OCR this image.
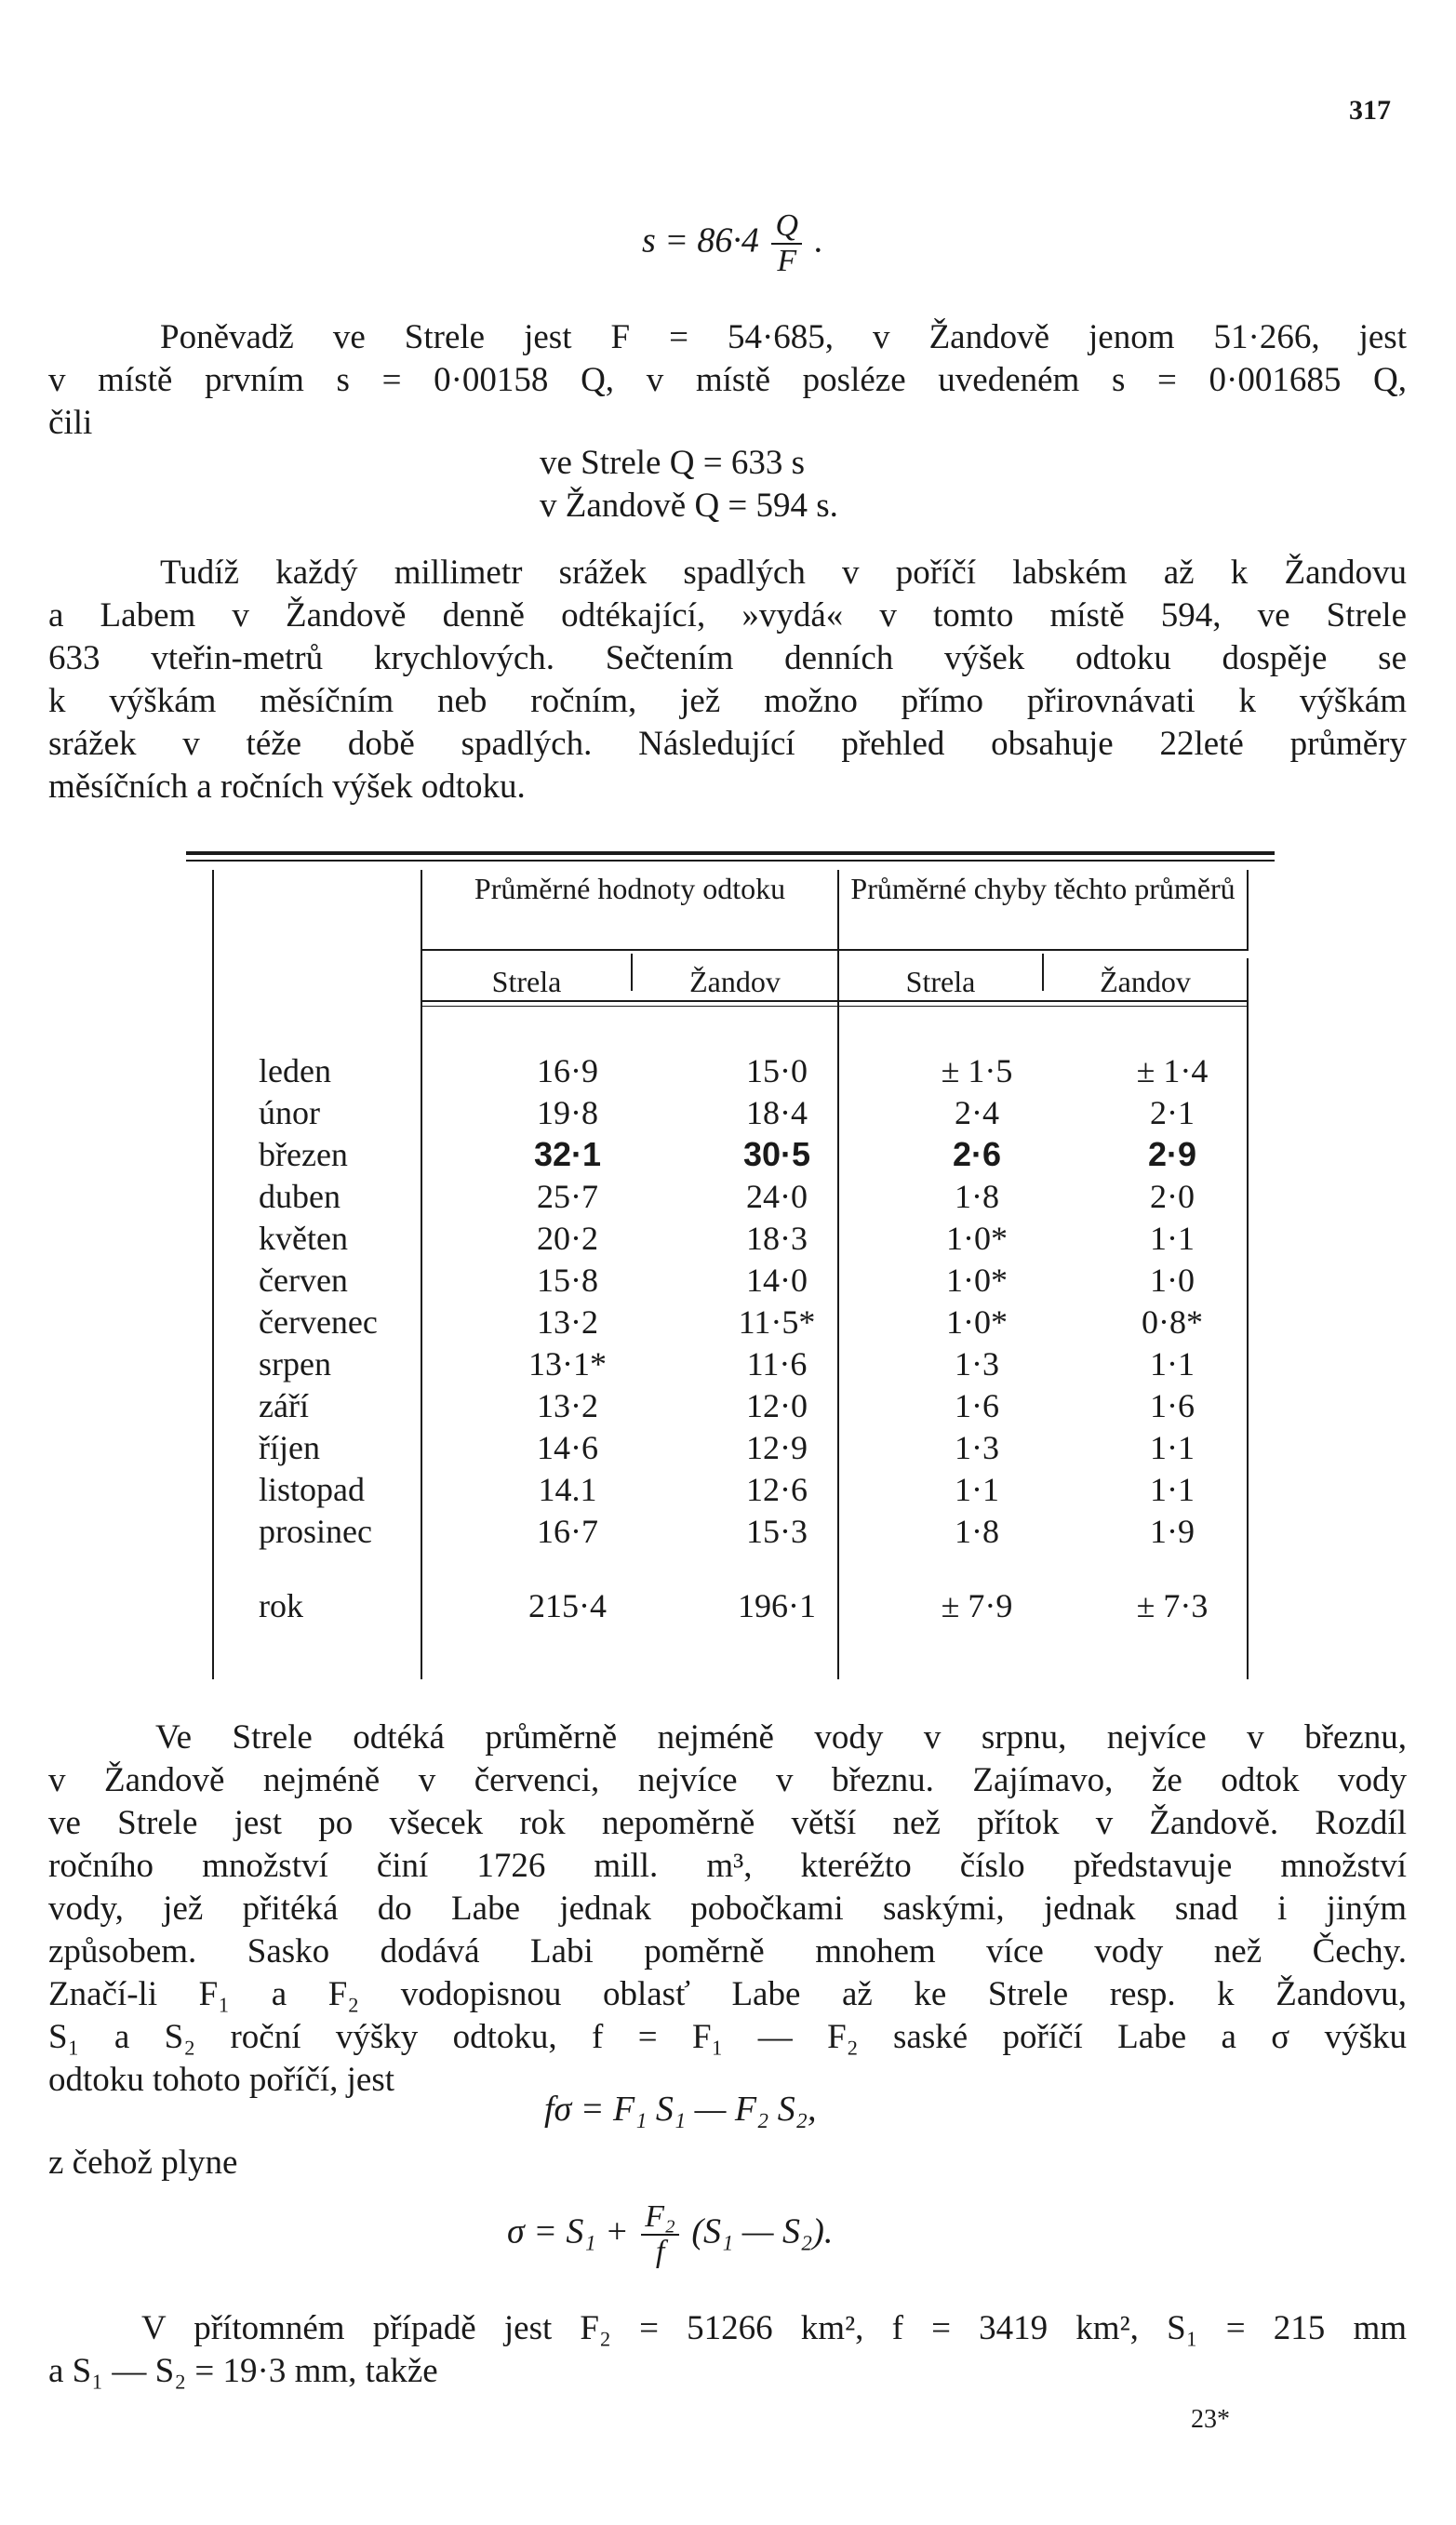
317
$s = 86\cdot 4 \frac{Q}{F}$ .
Poněvadž ve Strele jest F = 54·685, v Žandově jenom 51·266, jest
v místě prvním s = 0·00158 Q, v místě posléze uvedeném s = 0·001685 Q,
čili
ve Strele Q = 633 s
v Žandově Q = 594 s.
Tudíž každý millimetr srážek spadlých v poříčí labském až k Žandovu
a Labem v Žandově denně odtékající, »vydá« v tomto místě 594, ve Strele
633 vteřin-metrů krychlových. Sečtením denních výšek odtoku dospěje se
k výškám měsíčním neb ročním, jež možno přímo přirovnávati k výškám
srážek v téže době spadlých. Následující přehled obsahuje 22leté průměry
měsíčních a ročních výšek odtoku.
Průměrné hodnoty odtoku	Průměrné chyby těchto průměrů
Strela	Žandov	Strela	Žandov
leden	16·9	15·0	± 1·5	± 1·4
únor	19·8	18·4	2·4	2·1
březen	32·1	30·5	2·6	2·9
duben	25·7	24·0	1·8	2·0
květen	20·2	18·3	1·0*	1·1
červen	15·8	14·0	1·0*	1·0
červenec	13·2	11·5*	1·0*	0·8*
srpen	13·1*	11·6	1·3	1·1
září	13·2	12·0	1·6	1·6
říjen	14·6	12·9	1·3	1·1
listopad	14.1	12·6	1·1	1·1
prosinec	16·7	15·3	1·8	1·9
rok	215·4	196·1	± 7·9	± 7·3
Ve Strele odtéká průměrně nejméně vody v srpnu, nejvíce v březnu,
v Žandově nejméně v červenci, nejvíce v březnu. Zajímavo, že odtok vody
ve Strele jest po všecek rok nepoměrně větší než přítok v Žandově. Rozdíl
ročního množství činí 1726 mill. m³, kteréžto číslo představuje množství
vody, jež přitéká do Labe jednak pobočkami saskými, jednak snad i jiným
způsobem. Sasko dodává Labi poměrně mnohem více vody než Čechy.
Značí-li F₁ a F₂ vodopisnou oblasť Labe až ke Strele resp. k Žandovu,
S₁ a S₂ roční výšky odtoku, f = F₁ — F₂ saské poříčí Labe a σ výšku
odtoku tohoto poříčí, jest
fσ = F₁ S₁ — F₂ S₂,
z čehož plyne
$\sigma = S_1 + \frac{\text{F₂}}{f} (S_1$ — S₂).
V přítomném případě jest F₂ = 51266 km², f = 3419 km², S₁ = 215 mm
a S₁ — S₂ = 19·3 mm, takže
23*
